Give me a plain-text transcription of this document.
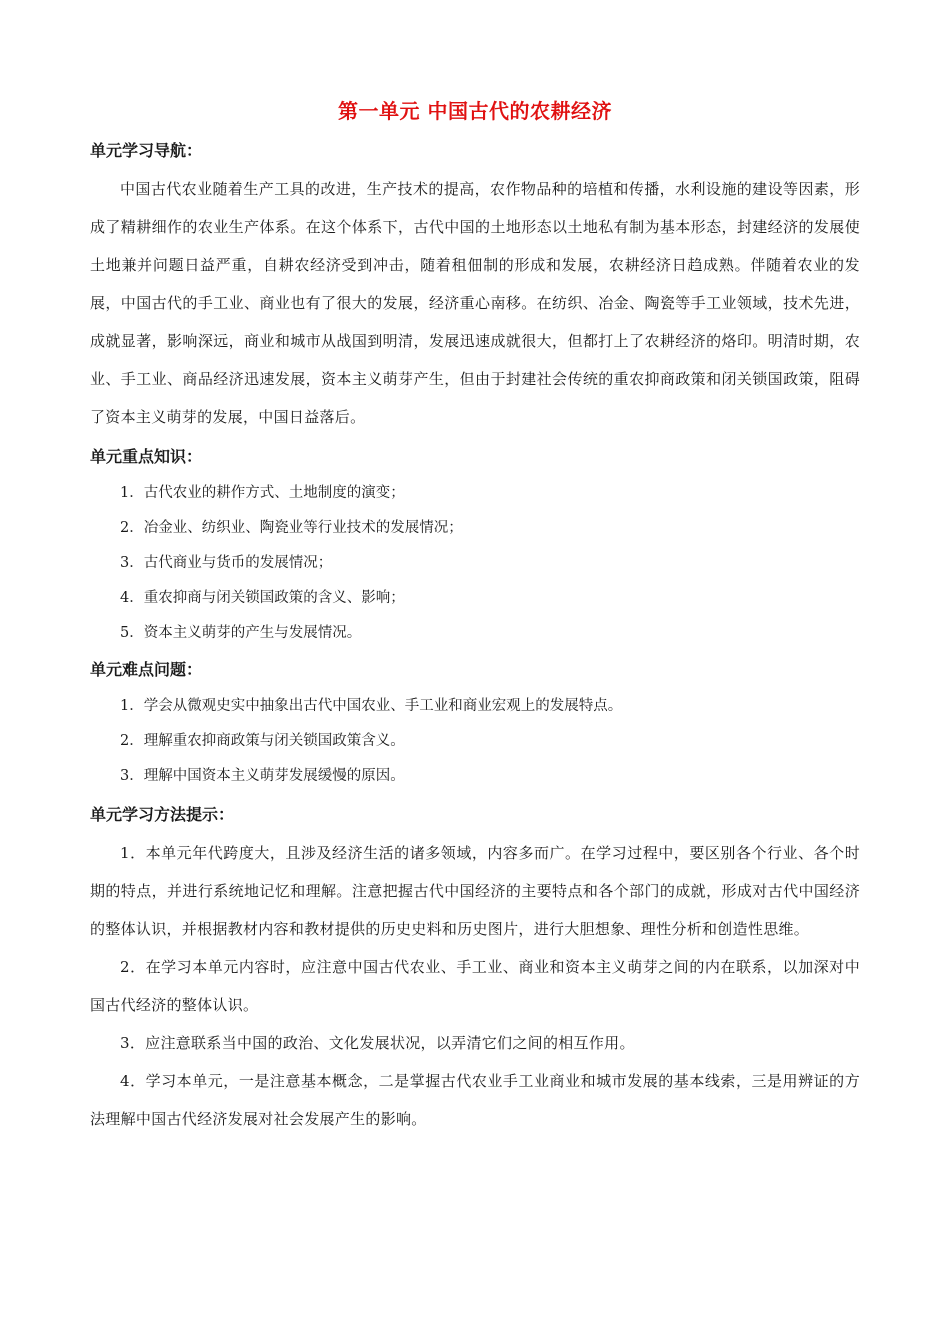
第一单元 中国古代的农耕经济
单元学习导航：

中国古代农业随着生产工具的改进，生产技术的提高，农作物品种的培植和传播，水利设施的建设等因素，形成了精耕细作的农业生产体系。在这个体系下，古代中国的土地形态以土地私有制为基本形态，封建经济的发展使土地兼并问题日益严重，自耕农经济受到冲击，随着租佃制的形成和发展，农耕经济日趋成熟。伴随着农业的发展，中国古代的手工业、商业也有了很大的发展，经济重心南移。在纺织、冶金、陶瓷等手工业领域，技术先进，成就显著，影响深远，商业和城市从战国到明清，发展迅速成就很大，但都打上了农耕经济的烙印。明清时期，农业、手工业、商品经济迅速发展，资本主义萌芽产生，但由于封建社会传统的重农抑商政策和闭关锁国政策，阻碍了资本主义萌芽的发展，中国日益落后。

单元重点知识：

1．古代农业的耕作方式、土地制度的演变；

2．冶金业、纺织业、陶瓷业等行业技术的发展情况；

3．古代商业与货币的发展情况；

4．重农抑商与闭关锁国政策的含义、影响；

5．资本主义萌芽的产生与发展情况。

单元难点问题：

1．学会从微观史实中抽象出古代中国农业、手工业和商业宏观上的发展特点。

2．理解重农抑商政策与闭关锁国政策含义。

3．理解中国资本主义萌芽发展缓慢的原因。

单元学习方法提示：

1．本单元年代跨度大，且涉及经济生活的诸多领域，内容多而广。在学习过程中，要区别各个行业、各个时期的特点，并进行系统地记忆和理解。注意把握古代中国经济的主要特点和各个部门的成就，形成对古代中国经济的整体认识，并根据教材内容和教材提供的历史史料和历史图片，进行大胆想象、理性分析和创造性思维。

2．在学习本单元内容时，应注意中国古代农业、手工业、商业和资本主义萌芽之间的内在联系，以加深对中国古代经济的整体认识。

3．应注意联系当中国的政治、文化发展状况，以弄清它们之间的相互作用。

4．学习本单元，一是注意基本概念，二是掌握古代农业手工业商业和城市发展的基本线索，三是用辨证的方法理解中国古代经济发展对社会发展产生的影响。
